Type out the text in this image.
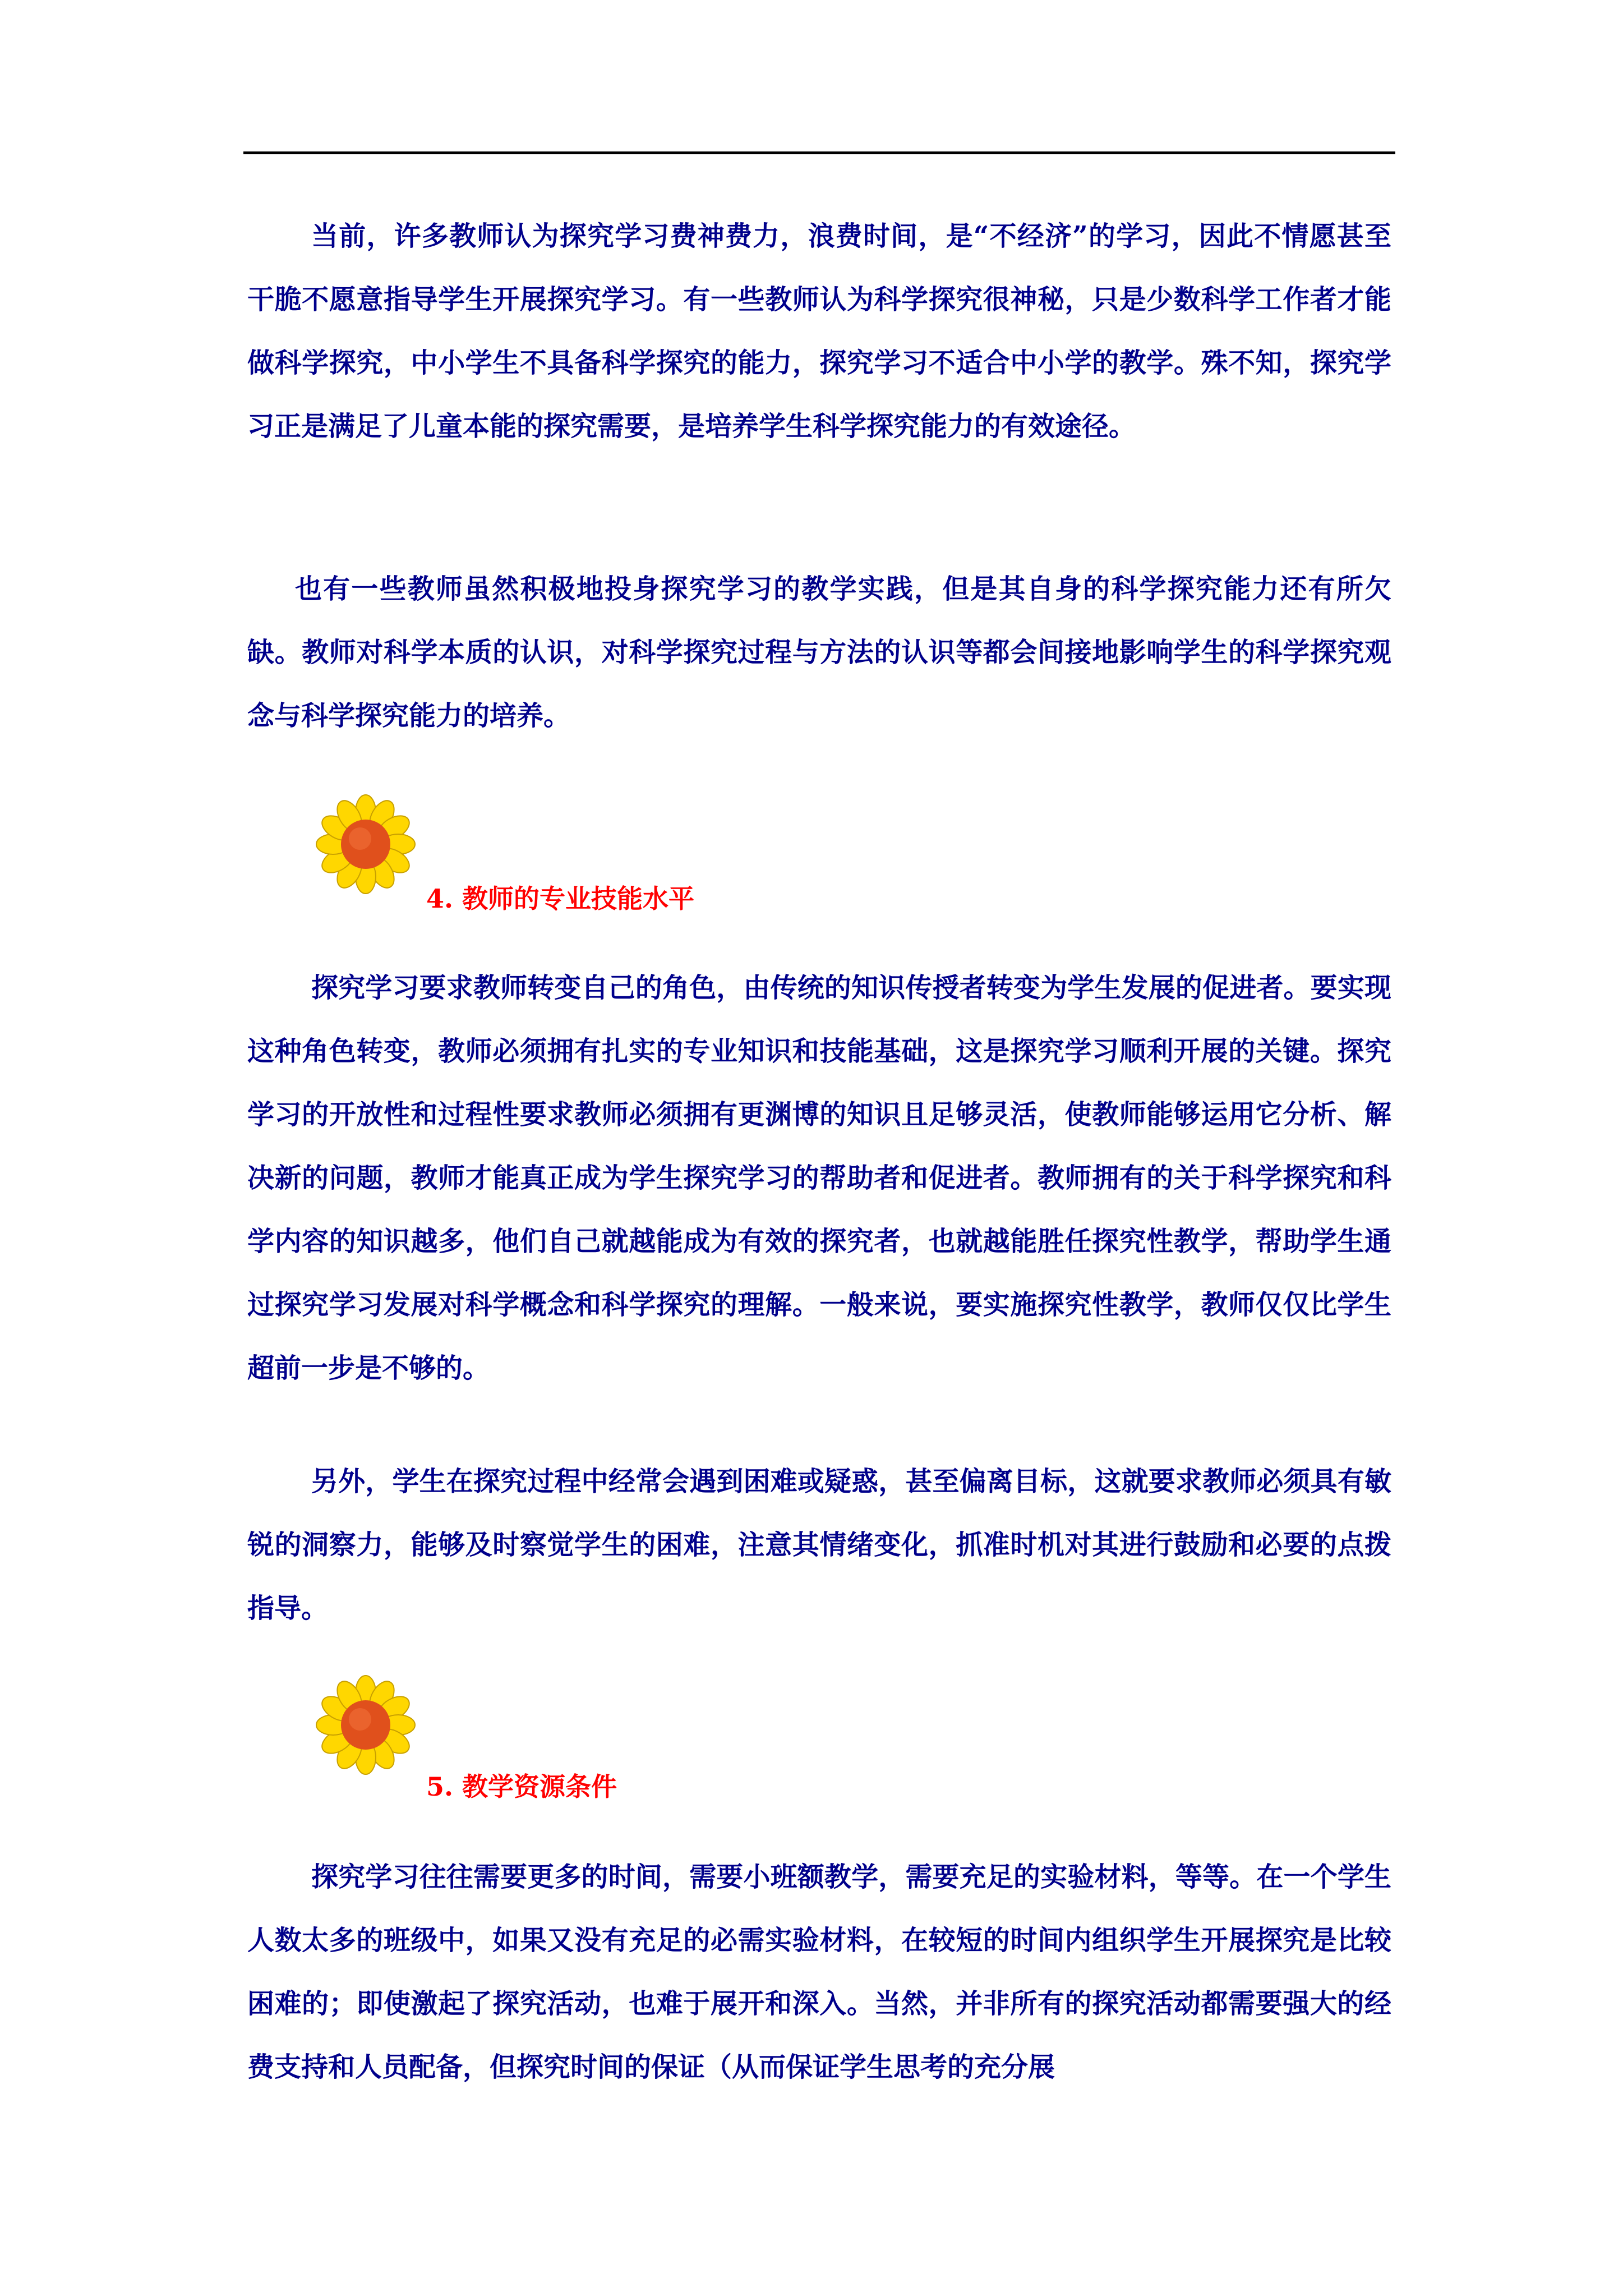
当前，许多教师认为探究学习费神费力，浪费时间，是“不经济”的学习，因此不情愿甚至干脆不愿意指导学生开展探究学习。有一些教师认为科学探究很神秘，只是少数科学工作者才能做科学探究，中小学生不具备科学探究的能力，探究学习不适合中小学的教学。殊不知，探究学习正是满足了儿童本能的探究需要，是培养学生科学探究能力的有效途径。

也有一些教师虽然积极地投身探究学习的教学实践，但是其自身的科学探究能力还有所欠缺。教师对科学本质的认识，对科学探究过程与方法的认识等都会间接地影响学生的科学探究观念与科学探究能力的培养。

4. 教师的专业技能水平

探究学习要求教师转变自己的角色，由传统的知识传授者转变为学生发展的促进者。要实现这种角色转变，教师必须拥有扎实的专业知识和技能基础，这是探究学习顺利开展的关键。探究学习的开放性和过程性要求教师必须拥有更渊博的知识且足够灵活，使教师能够运用它分析、解决新的问题，教师才能真正成为学生探究学习的帮助者和促进者。教师拥有的关于科学探究和科学内容的知识越多，他们自己就越能成为有效的探究者，也就越能胜任探究性教学，帮助学生通过探究学习发展对科学概念和科学探究的理解。一般来说，要实施探究性教学，教师仅仅比学生超前一步是不够的。

另外，学生在探究过程中经常会遇到困难或疑惑，甚至偏离目标，这就要求教师必须具有敏锐的洞察力，能够及时察觉学生的困难，注意其情绪变化，抓准时机对其进行鼓励和必要的点拨指导。

5. 教学资源条件

探究学习往往需要更多的时间，需要小班额教学，需要充足的实验材料，等等。在一个学生人数太多的班级中，如果又没有充足的必需实验材料，在较短的时间内组织学生开展探究是比较困难的；即使激起了探究活动，也难于展开和深入。当然，并非所有的探究活动都需要强大的经费支持和人员配备，但探究时间的保证（从而保证学生思考的充分展
